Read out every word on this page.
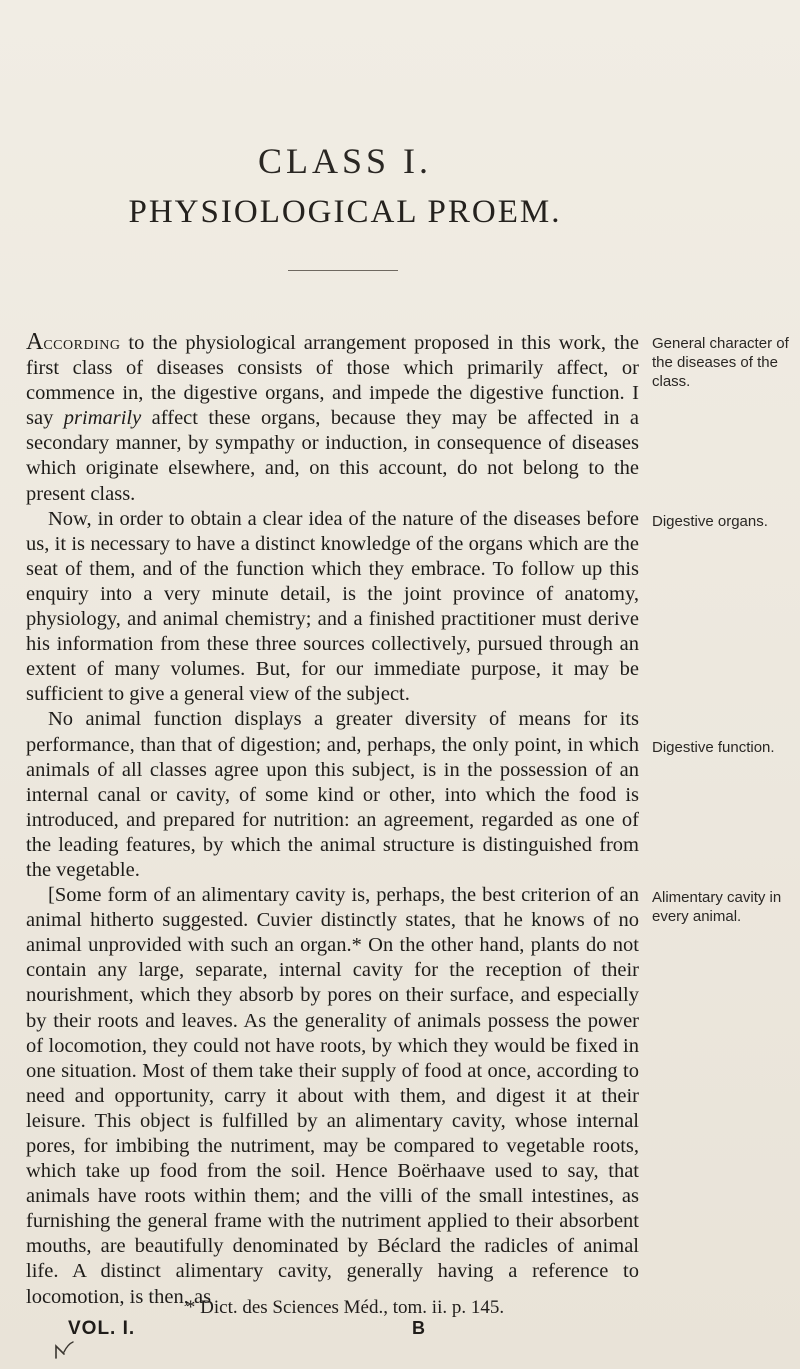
CLASS I.
PHYSIOLOGICAL PROEM.

According to the physiological arrangement proposed in this work, the first class of diseases consists of those which primarily affect, or commence in, the digestive organs, and impede the digestive function. I say primarily affect these organs, because they may be affected in a secondary manner, by sympathy or induction, in consequence of diseases which originate elsewhere, and, on this account, do not belong to the present class.

Now, in order to obtain a clear idea of the nature of the diseases before us, it is necessary to have a distinct knowledge of the organs which are the seat of them, and of the function which they embrace. To follow up this enquiry into a very minute detail, is the joint province of anatomy, physiology, and animal chemistry; and a finished practitioner must derive his information from these three sources collectively, pursued through an extent of many volumes. But, for our immediate purpose, it may be sufficient to give a general view of the subject.

No animal function displays a greater diversity of means for its performance, than that of digestion; and, perhaps, the only point, in which animals of all classes agree upon this subject, is in the possession of an internal canal or cavity, of some kind or other, into which the food is introduced, and prepared for nutrition: an agreement, regarded as one of the leading features, by which the animal structure is distinguished from the vegetable.

[Some form of an alimentary cavity is, perhaps, the best criterion of an animal hitherto suggested. Cuvier distinctly states, that he knows of no animal unprovided with such an organ.* On the other hand, plants do not contain any large, separate, internal cavity for the reception of their nourishment, which they absorb by pores on their surface, and especially by their roots and leaves. As the generality of animals possess the power of locomotion, they could not have roots, by which they would be fixed in one situation. Most of them take their supply of food at once, according to need and opportunity, carry it about with them, and digest it at their leisure. This object is fulfilled by an alimentary cavity, whose internal pores, for imbibing the nutriment, may be compared to vegetable roots, which take up food from the soil. Hence Boërhaave used to say, that animals have roots within them; and the villi of the small intestines, as furnishing the general frame with the nutriment applied to their absorbent mouths, are beautifully denominated by Béclard the radicles of animal life. A distinct alimentary cavity, generally having a reference to locomotion, is then, as

General character of the diseases of the class.
Digestive organs.
Digestive function.
Alimentary cavity in every animal.
* Dict. des Sciences Méd., tom. ii. p. 145.
VOL. I.	B
